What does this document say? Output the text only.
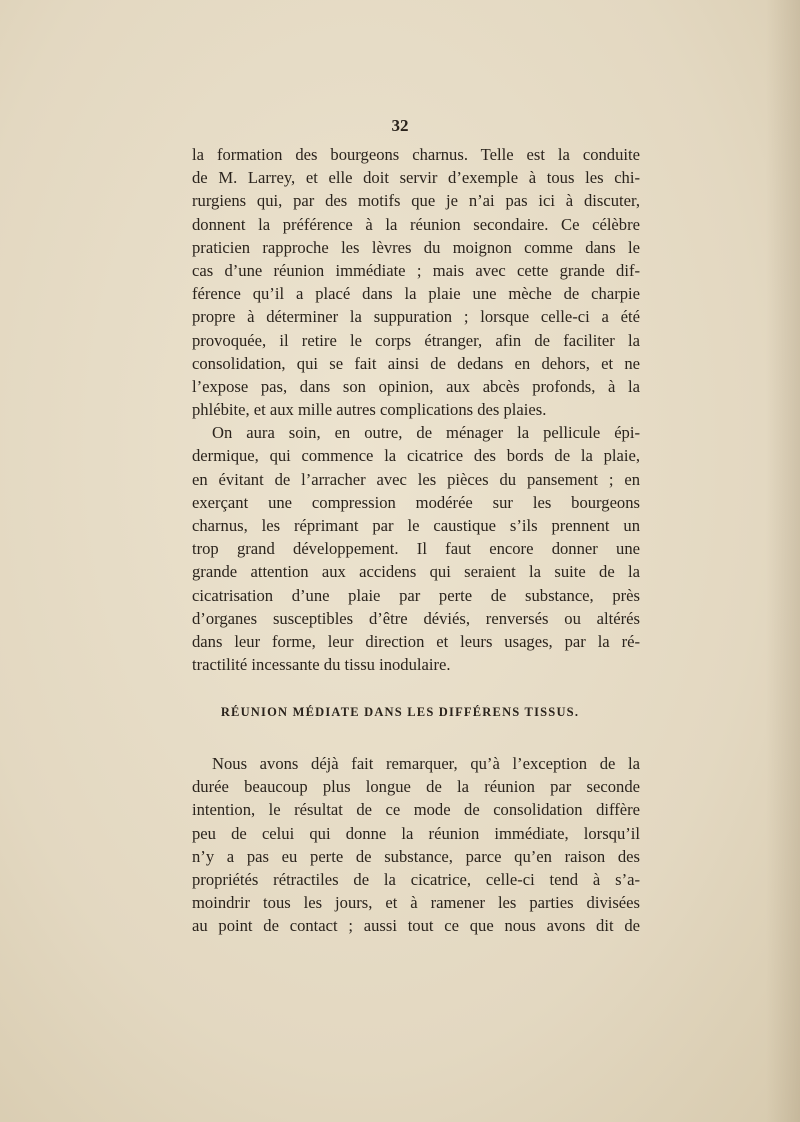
32
la formation des bourgeons charnus. Telle est la conduite
de M. Larrey, et elle doit servir d’exemple à tous les chi-
rurgiens qui, par des motifs que je n’ai pas ici à discuter,
donnent la préférence à la réunion secondaire. Ce célèbre
praticien rapproche les lèvres du moignon comme dans le
cas d’une réunion immédiate ; mais avec cette grande dif-
férence qu’il a placé dans la plaie une mèche de charpie
propre à déterminer la suppuration ; lorsque celle-ci a été
provoquée, il retire le corps étranger, afin de faciliter la
consolidation, qui se fait ainsi de dedans en dehors, et ne
l’expose pas, dans son opinion, aux abcès profonds, à la
phlébite, et aux mille autres complications des plaies.
On aura soin, en outre, de ménager la pellicule épi-
dermique, qui commence la cicatrice des bords de la plaie,
en évitant de l’arracher avec les pièces du pansement ; en
exerçant une compression modérée sur les bourgeons
charnus, les réprimant par le caustique s’ils prennent un
trop grand développement. Il faut encore donner une
grande attention aux accidens qui seraient la suite de la
cicatrisation d’une plaie par perte de substance, près
d’organes susceptibles d’être déviés, renversés ou altérés
dans leur forme, leur direction et leurs usages, par la ré-
tractilité incessante du tissu inodulaire.
RÉUNION MÉDIATE DANS LES DIFFÉRENS TISSUS.
Nous avons déjà fait remarquer, qu’à l’exception de la
durée beaucoup plus longue de la réunion par seconde
intention, le résultat de ce mode de consolidation diffère
peu de celui qui donne la réunion immédiate, lorsqu’il
n’y a pas eu perte de substance, parce qu’en raison des
propriétés rétractiles de la cicatrice, celle-ci tend à s’a-
moindrir tous les jours, et à ramener les parties divisées
au point de contact ; aussi tout ce que nous avons dit de
